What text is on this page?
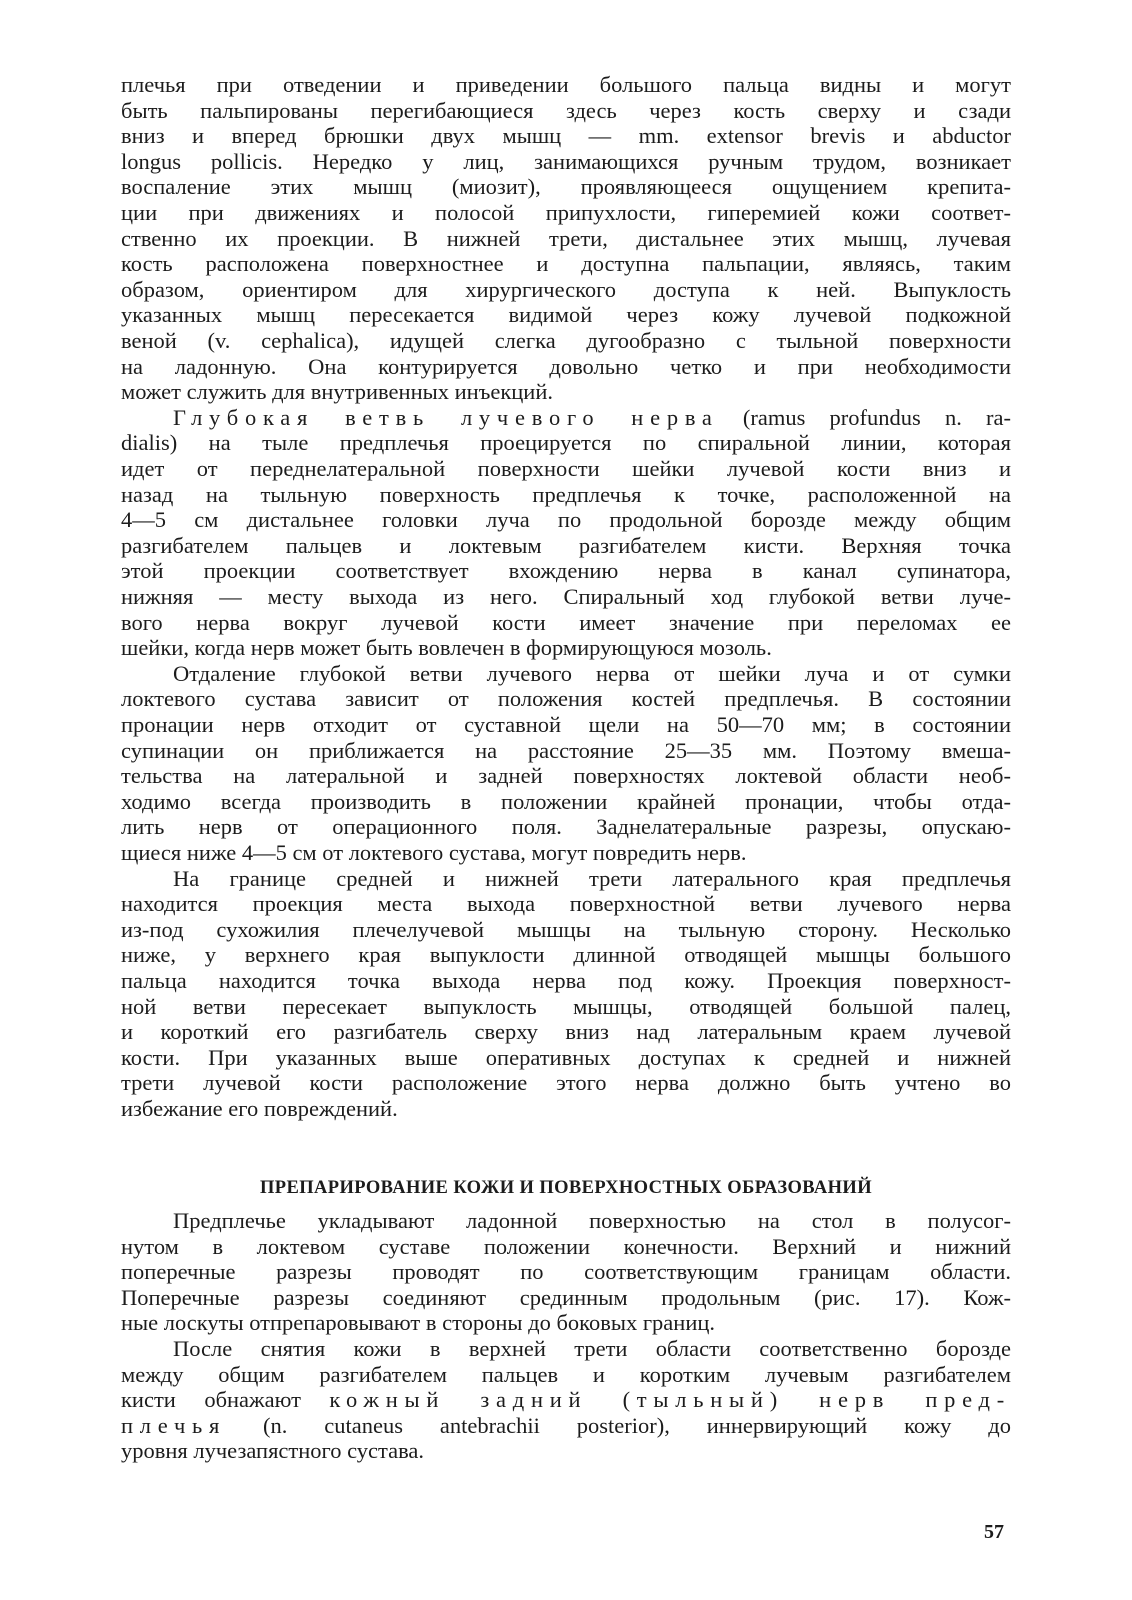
плечья при отведении и приведении большого пальца видны и могут
быть пальпированы перегибающиеся здесь через кость сверху и сзади
вниз и вперед брюшки двух мышц — mm. extensor brevis и abductor
longus pollicis. Нередко у лиц, занимающихся ручным трудом, возникает
воспаление этих мышц (миозит), проявляющееся ощущением крепита-
ции при движениях и полосой припухлости, гиперемией кожи соответ-
ственно их проекции. В нижней трети, дистальнее этих мышц, лучевая
кость расположена поверхностнее и доступна пальпации, являясь, таким
образом, ориентиром для хирургического доступа к ней. Выпуклость
указанных мышц пересекается видимой через кожу лучевой подкожной
веной (v. cephalica), идущей слегка дугообразно с тыльной поверхности
на ладонную. Она контурируется довольно четко и при необходимости
может служить для внутривенных инъекций.
Глубокая ветвь лучевого нерва (ramus profundus n. ra-
dialis) на тыле предплечья проецируется по спиральной линии, которая
идет от переднелатеральной поверхности шейки лучевой кости вниз и
назад на тыльную поверхность предплечья к точке, расположенной на
4—5 см дистальнее головки луча по продольной борозде между общим
разгибателем пальцев и локтевым разгибателем кисти. Верхняя точка
этой проекции соответствует вхождению нерва в канал супинатора,
нижняя — месту выхода из него. Спиральный ход глубокой ветви луче-
вого нерва вокруг лучевой кости имеет значение при переломах ее
шейки, когда нерв может быть вовлечен в формирующуюся мозоль.
Отдаление глубокой ветви лучевого нерва от шейки луча и от сумки
локтевого сустава зависит от положения костей предплечья. В состоянии
пронации нерв отходит от суставной щели на 50—70 мм; в состоянии
супинации он приближается на расстояние 25—35 мм. Поэтому вмеша-
тельства на латеральной и задней поверхностях локтевой области необ-
ходимо всегда производить в положении крайней пронации, чтобы отда-
лить нерв от операционного поля. Заднелатеральные разрезы, опускаю-
щиеся ниже 4—5 см от локтевого сустава, могут повредить нерв.
На границе средней и нижней трети латерального края предплечья
находится проекция места выхода поверхностной ветви лучевого нерва
из-под сухожилия плечелучевой мышцы на тыльную сторону. Несколько
ниже, у верхнего края выпуклости длинной отводящей мышцы большого
пальца находится точка выхода нерва под кожу. Проекция поверхност-
ной ветви пересекает выпуклость мышцы, отводящей большой палец,
и короткий его разгибатель сверху вниз над латеральным краем лучевой
кости. При указанных выше оперативных доступах к средней и нижней
трети лучевой кости расположение этого нерва должно быть учтено во
избежание его повреждений.
ПРЕПАРИРОВАНИЕ КОЖИ И ПОВЕРХНОСТНЫХ ОБРАЗОВАНИЙ
Предплечье укладывают ладонной поверхностью на стол в полусог-
нутом в локтевом суставе положении конечности. Верхний и нижний
поперечные разрезы проводят по соответствующим границам области.
Поперечные разрезы соединяют срединным продольным (рис. 17). Кож-
ные лоскуты отпрепаровывают в стороны до боковых границ.
После снятия кожи в верхней трети области соответственно борозде
между общим разгибателем пальцев и коротким лучевым разгибателем
кисти обнажают кожный задний (тыльный) нерв пред-
плечья (n. cutaneus antebrachii posterior), иннервирующий кожу до
уровня лучезапястного сустава.
57
